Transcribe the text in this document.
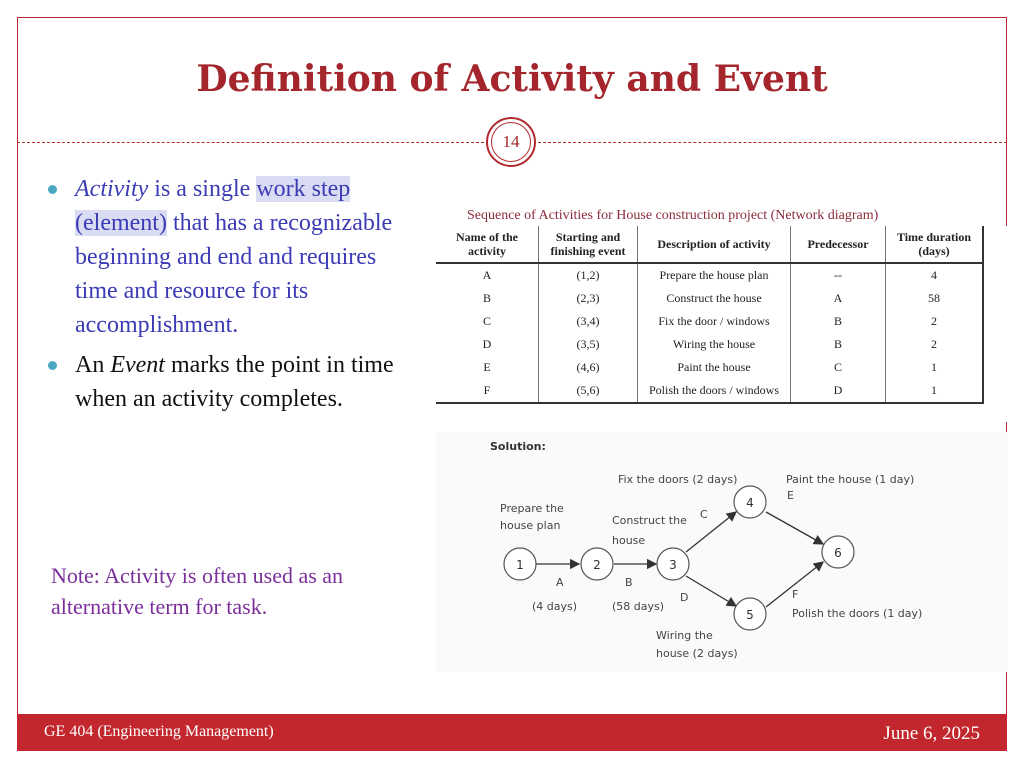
Definition of Activity and Event
14
Activity is a single work step (element) that has a recognizable beginning and end and requires time and resource for its accomplishment.
An Event marks the point in time when an activity completes.
Note: Activity is often used as an alternative term for task.
Sequence of Activities for House construction project (Network diagram)
Name of the activity	Starting and finishing event	Description of activity	Predecessor	Time duration (days)
A	(1,2)	Prepare the house plan	--	4
B	(2,3)	Construct the house	A	58
C	(3,4)	Fix the door / windows	B	2
D	(3,5)	Wiring the house	B	2
E	(4,6)	Paint the house	C	1
F	(5,6)	Polish the doors / windows	D	1
Solution:
1	2	3
4
5
6
Prepare the
house plan	Construct the
house
Fix the doors (2 days)	Paint the house (1 day)
Wiring the
house (2 days)
Polish the doors (1 day)
A	B
C
D
E
F
(4 days)	(58 days)
GE 404 (Engineering Management)	June 6, 2025
